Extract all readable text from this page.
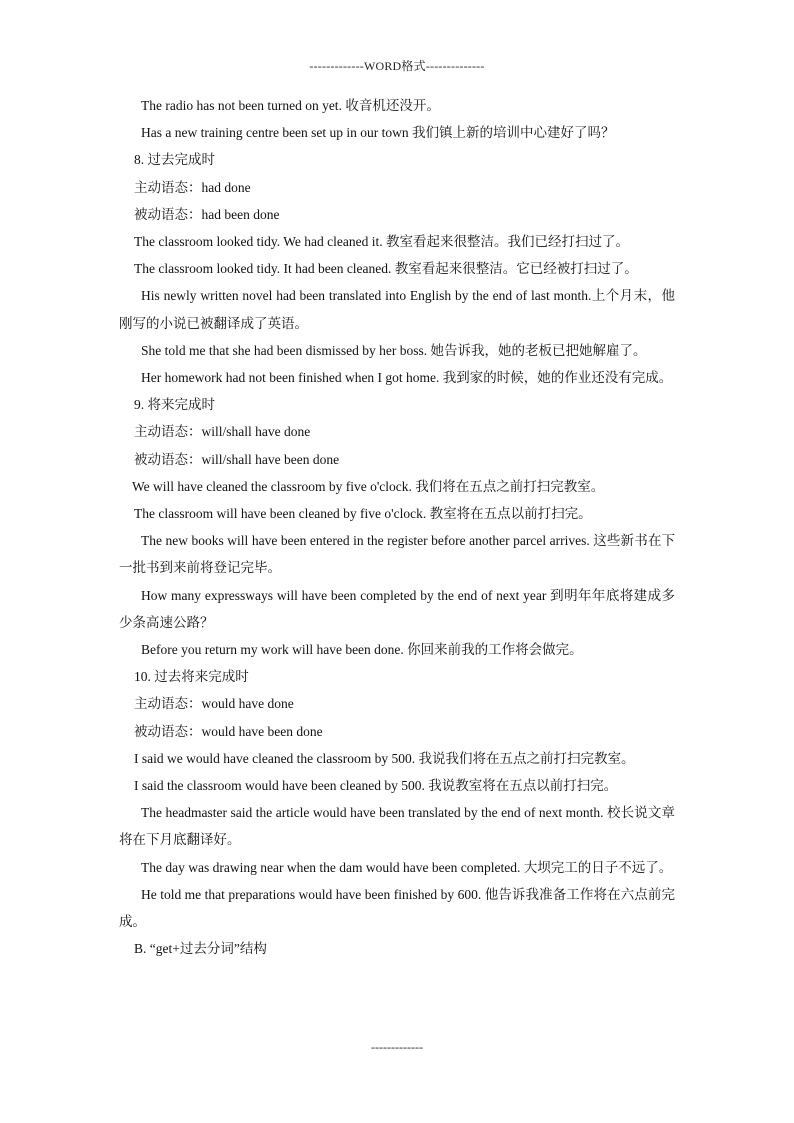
-------------WORD格式--------------
The radio has not been turned on yet. 收音机还没开。
Has a new training centre been set up in our town 我们镇上新的培训中心建好了吗？
8. 过去完成时
主动语态：had done
被动语态：had been done
The classroom looked tidy. We had cleaned it. 教室看起来很整洁。我们已经打扫过了。
The classroom looked tidy. It had been cleaned. 教室看起来很整洁。它已经被打扫过了。
His newly written novel had been translated into English by the end of last month.上个月末，他刚写的小说已被翻译成了英语。
She told me that she had been dismissed by her boss. 她告诉我，她的老板已把她解雇了。
Her homework had not been finished when I got home. 我到家的时候，她的作业还没有完成。
9. 将来完成时
主动语态：will/shall have done
被动语态：will/shall have been done
We will have cleaned the classroom by five o'clock. 我们将在五点之前打扫完教室。
The classroom will have been cleaned by five o'clock. 教室将在五点以前打扫完。
The new books will have been entered in the register before another parcel arrives. 这些新书在下一批书到来前将登记完毕。
How many expressways will have been completed by the end of next year 到明年年底将建成多少条高速公路？
Before you return my work will have been done. 你回来前我的工作将会做完。
10. 过去将来完成时
主动语态：would have done
被动语态：would have been done
I said we would have cleaned the classroom by 500. 我说我们将在五点之前打扫完教室。
I said the classroom would have been cleaned by 500. 我说教室将在五点以前打扫完。
The headmaster said the article would have been translated by the end of next month. 校长说文章将在下月底翻译好。
The day was drawing near when the dam would have been completed. 大坝完工的日子不远了。
He told me that preparations would have been finished by 600. 他告诉我准备工作将在六点前完成。
B. “get+过去分词”结构
-------------
